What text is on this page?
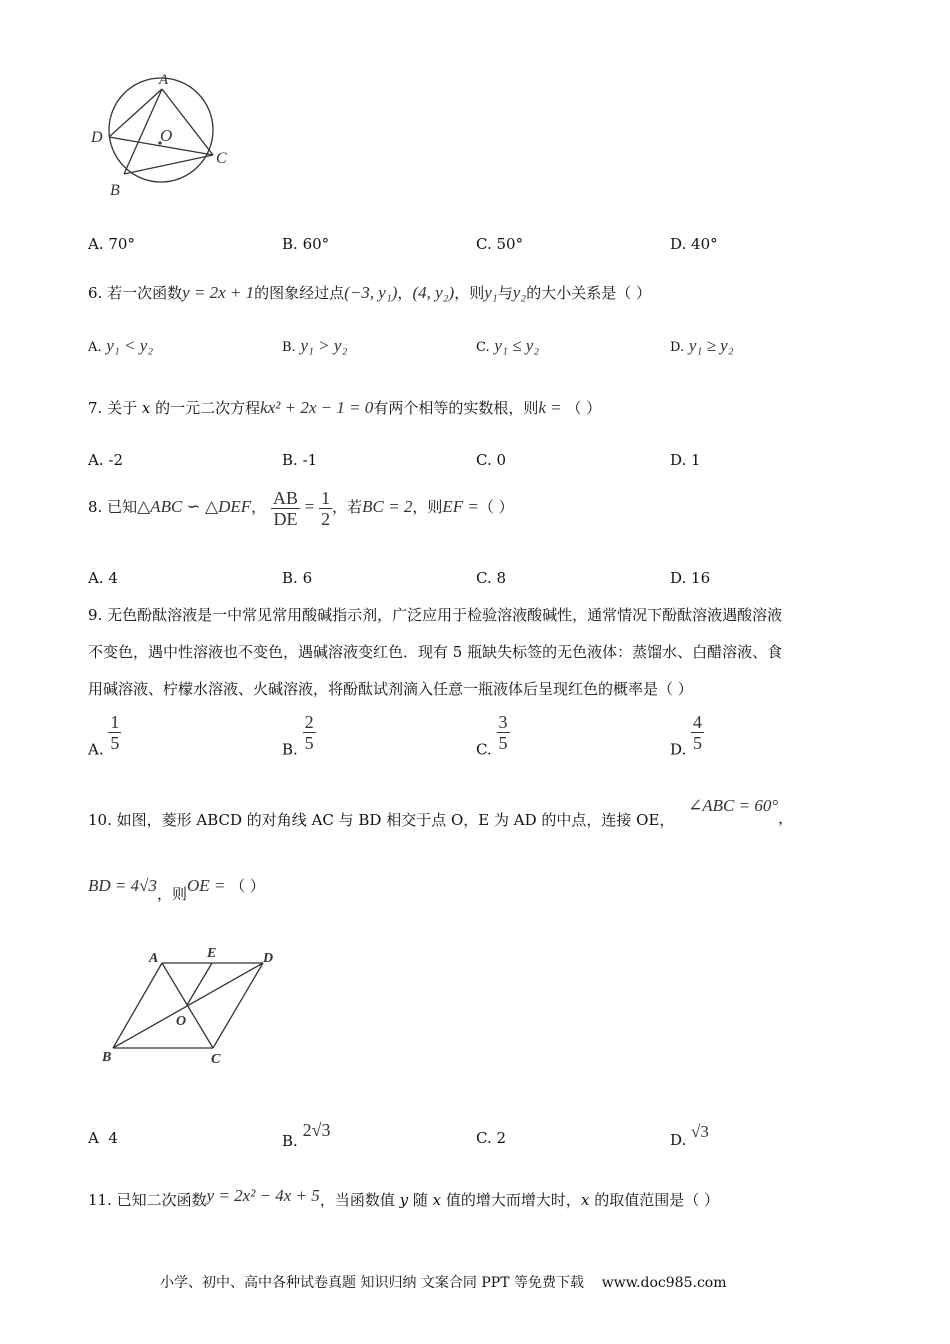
A
O
D
C
B
A. 70°	B. 60°	C. 50°	D. 40°
6. 若一次函数y = 2x + 1的图象经过点(−3, y₁)，(4, y₂)，则y₁与y₂的大小关系是（ ）
A. y₁ < y₂	B. y₁ > y₂	C. y₁ ≤ y₂	D. y₁ ≥ y₂
7. 关于 x 的一元二次方程kx² + 2x − 1 = 0有两个相等的实数根，则k = （ ）
A. -2	B. -1	C. 0	D. 1
8. 已知△ABC ∽ △DEF， $\frac{AB}{DE} = \frac{1}{2}$ ，若BC = 2，则EF =（ ）
A. 4	B. 6	C. 8	D. 16
9. 无色酚酞溶液是一中常见常用酸碱指示剂，广泛应用于检验溶液酸碱性，通常情况下酚酞溶液遇酸溶液
不变色，遇中性溶液也不变色，遇碱溶液变红色．现有 5 瓶缺失标签的无色液体：蒸馏水、白醋溶液、食
用碱溶液、柠檬水溶液、火碱溶液，将酚酞试剂滴入任意一瓶液体后呈现红色的概率是（ ）
A. $\frac{1}{5}$	B. $\frac{2}{5}$	C. $\frac{3}{5}$	D. $\frac{4}{5}$
10. 如图，菱形 ABCD 的对角线 AC 与 BD 相交于点 O，E 为 AD 的中点，连接 OE，
∠ABC = 60°，
BD = 4√3，则OE = （ ）
A	E	D
O
B	C
A 4	B. 2√3	C. 2	D. √3
11. 已知二次函数y = 2x² − 4x + 5，当函数值 y 随 x 值的增大而增大时，x 的取值范围是（ ）
小学、初中、高中各种试卷真题 知识归纳 文案合同 PPT 等免费下载 www.doc985.com
